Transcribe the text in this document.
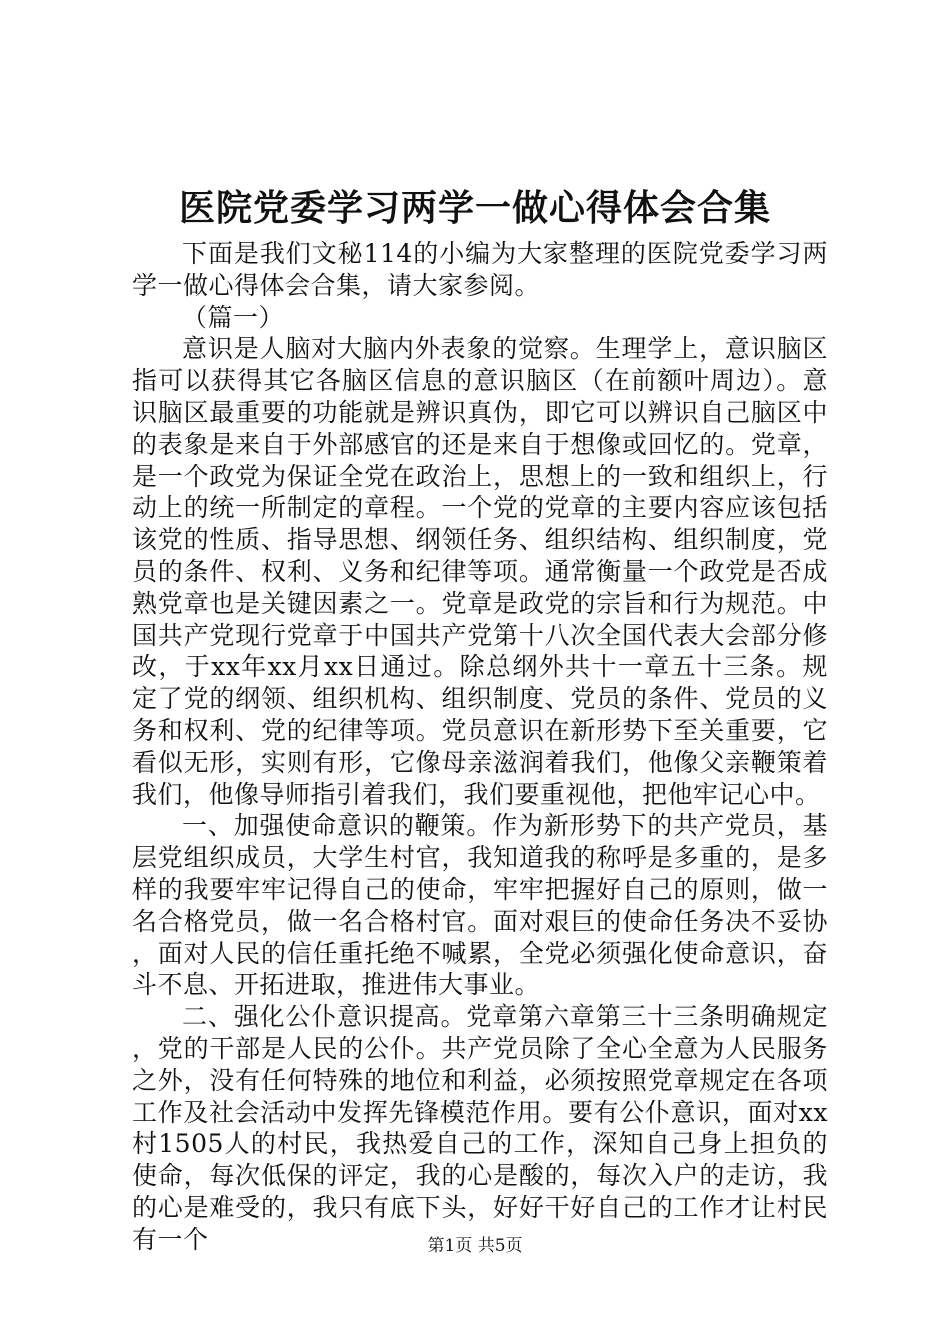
医院党委学习两学一做心得体会合集

下面是我们文秘114的小编为大家整理的医院党委学习两学一做心得体会合集，请大家参阅。

（篇一）

意识是人脑对大脑内外表象的觉察。生理学上，意识脑区指可以获得其它各脑区信息的意识脑区（在前额叶周边）。意识脑区最重要的功能就是辨识真伪，即它可以辨识自己脑区中的表象是来自于外部感官的还是来自于想像或回忆的。党章，是一个政党为保证全党在政治上，思想上的一致和组织上，行动上的统一所制定的章程。一个党的党章的主要内容应该包括该党的性质、指导思想、纲领任务、组织结构、组织制度，党员的条件、权利、义务和纪律等项。通常衡量一个政党是否成熟党章也是关键因素之一。党章是政党的宗旨和行为规范。中国共产党现行党章于中国共产党第十八次全国代表大会部分修改，于xx年xx月xx日通过。除总纲外共十一章五十三条。规定了党的纲领、组织机构、组织制度、党员的条件、党员的义务和权利、党的纪律等项。党员意识在新形势下至关重要，它看似无形，实则有形，它像母亲滋润着我们，他像父亲鞭策着我们，他像导师指引着我们，我们要重视他，把他牢记心中。

一、加强使命意识的鞭策。作为新形势下的共产党员，基层党组织成员，大学生村官，我知道我的称呼是多重的，是多样的我要牢牢记得自己的使命，牢牢把握好自己的原则，做一名合格党员，做一名合格村官。面对艰巨的使命任务决不妥协，面对人民的信任重托绝不喊累，全党必须强化使命意识，奋斗不息、开拓进取，推进伟大事业。

二、强化公仆意识提高。党章第六章第三十三条明确规定，党的干部是人民的公仆。共产党员除了全心全意为人民服务之外，没有任何特殊的地位和利益，必须按照党章规定在各项工作及社会活动中发挥先锋模范作用。要有公仆意识，面对xx村1505人的村民，我热爱自己的工作，深知自己身上担负的使命，每次低保的评定，我的心是酸的，每次入户的走访，我的心是难受的，我只有底下头，好好干好自己的工作才让村民有一个	第1页 共5页
